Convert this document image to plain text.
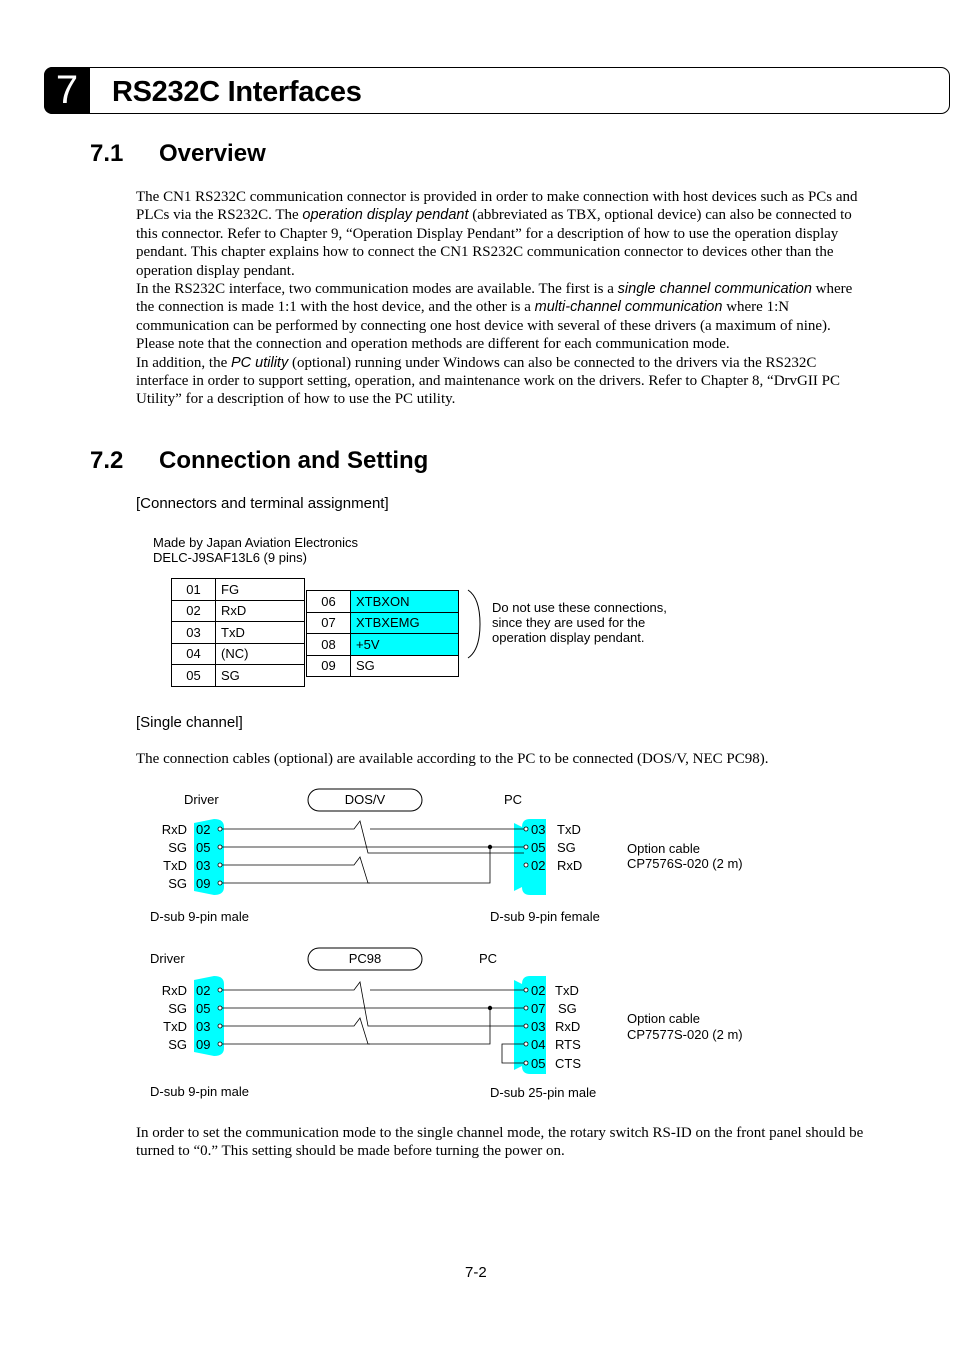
7	RS232C Interfaces
7.1 Overview
The CN1 RS232C communication connector is provided in order to make connection with host devices such as PCs and PLCs via the RS232C. The operation display pendant (abbreviated as TBX, optional device) can also be connected to this connector. Refer to Chapter 9, “Operation Display Pendant” for a description of how to use the operation display pendant. This chapter explains how to connect the CN1 RS232C communication connector to devices other than the operation display pendant.
In the RS232C interface, two communication modes are available. The first is a single channel communication where the connection is made 1:1 with the host device, and the other is a multi-channel communication where 1:N communication can be performed by connecting one host device with several of these drivers (a maximum of nine). Please note that the connection and operation methods are different for each communication mode.
In addition, the PC utility (optional) running under Windows can also be connected to the drivers via the RS232C interface in order to support setting, operation, and maintenance work on the drivers. Refer to Chapter 8, “DrvGII PC Utility” for a description of how to use the PC utility.
7.2 Connection and Setting
[Connectors and terminal assignment]
Made by Japan Aviation Electronics
DELC-J9SAF13L6 (9 pins)
01	FG
02	RxD
03	TxD
04	(NC)
05	SG
06	XTBXON
07	XTBXEMG
08	+5V
09	SG
Do not use these connections,
since they are used for the
operation display pendant.
[Single channel]
The connection cables (optional) are available according to the PC to be connected (DOS/V, NEC PC98).
Driver	DOS/V	PC
RxD
SG
TxD
SG
02
05
03
09
03
05
02
TxD
SG
RxD
Option cable
CP7576S-020 (2 m)
D-sub 9-pin male	D-sub 9-pin female
Driver	PC98	PC
RxD
SG
TxD
SG
02
05
03
09
02
07
03
04
05
TxD
SG
RxD
RTS
CTS
Option cable
CP7577S-020 (2 m)
D-sub 9-pin male	D-sub 25-pin male
In order to set the communication mode to the single channel mode, the rotary switch RS-ID on the front panel should be turned to “0.” This setting should be made before turning the power on.
7-2
